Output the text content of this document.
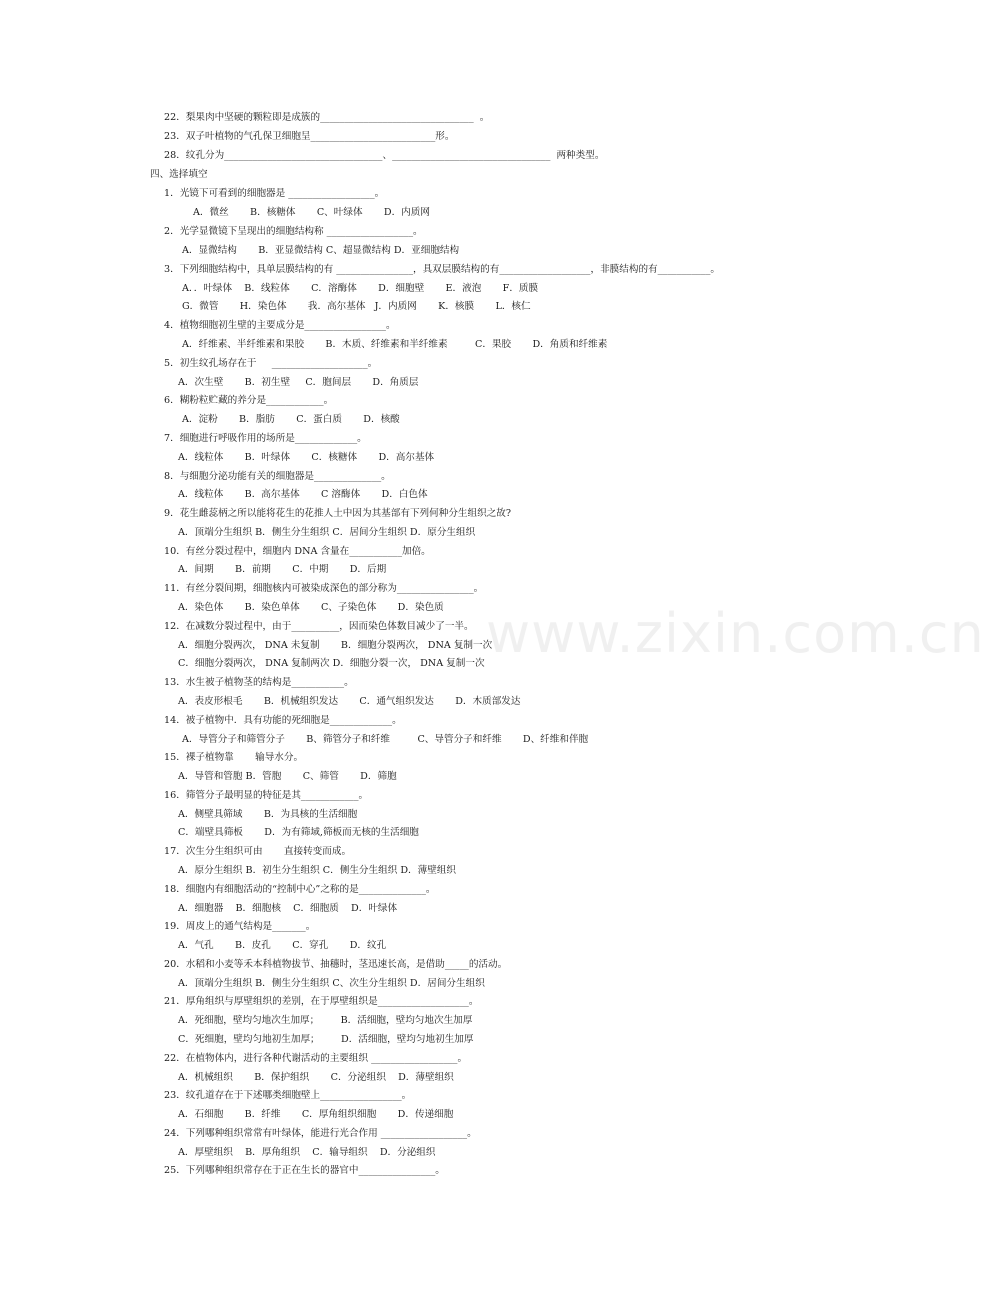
www.zixin.com.cn
22．梨果肉中坚硬的颗粒即是成簇的________________________________  。
23．双子叶植物的气孔保卫细胞呈__________________________形。
28．纹孔分为_________________________________、_________________________________  两种类型。
四、选择填空
1．光镜下可看到的细胞器是 __________________。
A．微丝       B．核糖体       C、叶绿体       D．内质网
2．光学显微镜下呈现出的细胞结构称 __________________。
A．显微结构       B．亚显微结构 C、超显微结构 D．亚细胞结构
3．下列细胞结构中，具单层膜结构的有 ________________，具双层膜结构的有___________________，非膜结构的有___________。
A．．叶绿体    B．线粒体       C．溶酶体       D．细胞壁       E．液泡       F．质膜
G．微管       H．染色体       我．高尔基体   J．内质网       K．核膜       L．核仁
4．植物细胞初生壁的主要成分是_________________。
A．纤维素、半纤维素和果胶       B．木质、纤维素和半纤维素         C．果胶       D．角质和纤维素
5．初生纹孔场存在于     ____________________。
A．次生壁       B．初生壁     C．胞间层       D．角质层
6．糊粉粒贮藏的养分是____________。
A．淀粉       B．脂肪       C．蛋白质       D．核酸
7．细胞进行呼吸作用的场所是_____________。
A．线粒体       B．叶绿体       C．核糖体       D．高尔基体
8．与细胞分泌功能有关的细胞器是______________。
A．线粒体       B．高尔基体       C 溶酶体       D．白色体
9．花生雌蕊柄之所以能将花生的花推人土中因为其基部有下列何种分生组织之故?
A．顶端分生组织 B．侧生分生组织 C．居间分生组织 D．原分生组织
10．有丝分裂过程中，细胞内 DNA 含量在___________加倍。
A．间期       B．前期       C．中期       D．后期
11．有丝分裂间期，细胞核内可被染成深色的部分称为________________。
A．染色体       B．染色单体       C、子染色体       D．染色质
12．在减数分裂过程中，由于__________，因而染色体数目减少了一半。
A．细胞分裂两次， DNA 未复制       B．细胞分裂两次， DNA 复制一次
C．细胞分裂两次， DNA 复制两次 D．细胞分裂一次， DNA 复制一次
13．水生被子植物茎的结构是___________。
A．表皮形根毛       B．机械组织发达       C．通气组织发达       D．木质部发达
14．被子植物中．具有功能的死细胞是_____________。
A．导管分子和筛管分子       B、筛管分子和纤维         C、导管分子和纤维       D、纤维和伴胞
15．裸子植物靠       输导水分。
A．导管和管胞 B．管胞       C、筛管       D．筛胞
16．筛管分子最明显的特征是其____________。
A．侧壁具筛域       B．为具核的生活细胞
C．端壁具筛板       D．为有筛域,筛板而无核的生活细胞
17．次生分生组织可由       直接转变而成。
A．原分生组织 B．初生分生组织 C．侧生分生组织 D．薄壁组织
18．细胞内有细胞活动的“控制中心”之称的是______________。
A．细胞器    B．细胞核    C．细胞质    D．叶绿体
19．周皮上的通气结构是_______。
A．气孔       B．皮孔       C．穿孔       D．纹孔
20．水稻和小麦等禾本科植物拔节、抽穗时，茎迅速长高，是借助_____的活动。
A．顶端分生组织 B．侧生分生组织 C、次生分生组织 D．居间分生组织
21．厚角组织与厚壁组织的差别，在于厚壁组织是___________________。
A．死细胞，壁均匀地次生加厚；       B．活细胞，壁均匀地次生加厚
C．死细胞，壁均匀地初生加厚；       D．活细胞，壁均匀地初生加厚
22．在植物体内，进行各种代谢活动的主要组织 __________________。
A．机械组织       B．保护组织       C．分泌组织    D．薄壁组织
23．纹孔道存在于下述哪类细胞壁上_________________。
A．石细胞       B．纤维       C．厚角组织细胞       D．传递细胞
24．下列哪种组织常常有叶绿体，能进行光合作用 __________________。
A．厚壁组织    B．厚角组织    C．输导组织    D．分泌组织
25．下列哪种组织常存在于正在生长的器官中________________。
